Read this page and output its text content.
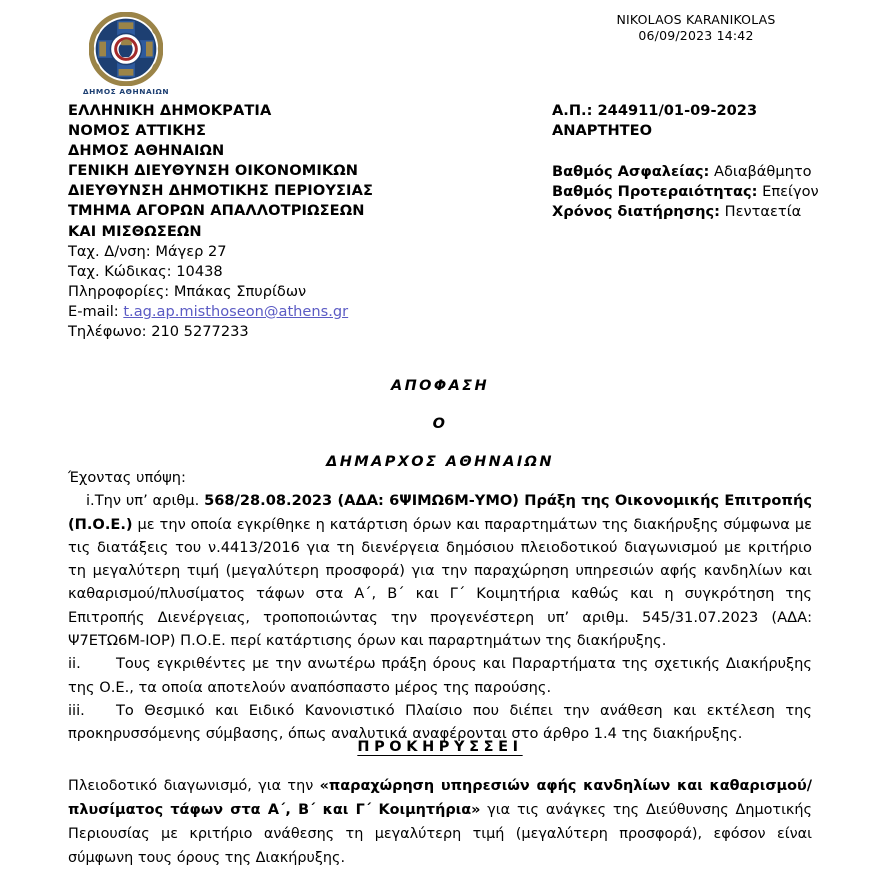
NIKOLAOS KARANIKOLAS
06/09/2023 14:42
ΔΗΜΟΣ ΑΘΗΝΑΙΩΝ
ΕΛΛΗΝΙΚΗ ΔΗΜΟΚΡΑΤΙΑ
ΝΟΜΟΣ ΑΤΤΙΚΗΣ
ΔΗΜΟΣ ΑΘΗΝΑΙΩΝ
ΓΕΝΙΚΗ ΔΙΕΥΘΥΝΣΗ ΟΙΚΟΝΟΜΙΚΩΝ
ΔΙΕΥΘΥΝΣΗ ΔΗΜΟΤΙΚΗΣ ΠΕΡΙΟΥΣΙΑΣ
ΤΜΗΜΑ ΑΓΟΡΩΝ ΑΠΑΛΛΟΤΡΙΩΣΕΩΝ
ΚΑΙ ΜΙΣΘΩΣΕΩΝ
Ταχ. Δ/νση: Μάγερ 27
Ταχ. Κώδικας: 10438
Πληροφορίες: Μπάκας Σπυρίδων
E-mail: t.ag.ap.misthoseon@athens.gr
Τηλέφωνο: 210 5277233
Α.Π.: 244911/01-09-2023
ΑΝΑΡΤΗΤΕΟ
Βαθμός Ασφαλείας: Αδιαβάθμητο
Βαθμός Προτεραιότητας: Επείγον
Χρόνος διατήρησης: Πενταετία
ΑΠΟΦΑΣΗ
Ο
ΔΗΜΑΡΧΟΣ ΑΘΗΝΑΙΩΝ

Έχοντας υπόψη:

i.Την υπ’ αριθμ. 568/28.08.2023 (ΑΔΑ: 6ΨΙΜΩ6Μ-ΥΜΟ) Πράξη της Οικονομικής Επιτροπής (Π.Ο.Ε.) με την οποία εγκρίθηκε η κατάρτιση όρων και παραρτημάτων της διακήρυξης σύμφωνα με τις διατάξεις του ν.4413/2016 για τη διενέργεια δημόσιου πλειοδοτικού διαγωνισμού με κριτήριο τη μεγαλύτερη τιμή (μεγαλύτερη προσφορά) για την παραχώρηση υπηρεσιών αφής κανδηλίων και καθαρισμού/πλυσίματος τάφων στα Α΄, Β΄ και Γ΄ Κοιμητήρια καθώς και η συγκρότηση της Επιτροπής Διενέργειας, τροποποιώντας την προγενέστερη υπ’ αριθμ. 545/31.07.2023 (ΑΔΑ: Ψ7ΕΤΩ6Μ-ΙΟΡ) Π.Ο.Ε. περί κατάρτισης όρων και παραρτημάτων της διακήρυξης.

ii. Τους εγκριθέντες με την ανωτέρω πράξη όρους και Παραρτήματα της σχετικής Διακήρυξης της Ο.Ε., τα οποία αποτελούν αναπόσπαστο μέρος της παρούσης.

iii. Το Θεσμικό και Ειδικό Κανονιστικό Πλαίσιο που διέπει την ανάθεση και εκτέλεση της προκηρυσσόμενης σύμβασης, όπως αναλυτικά αναφέρονται στο άρθρο 1.4 της διακήρυξης.

ΠΡΟΚΗΡΥΣΣΕΙ

Πλειοδοτικό διαγωνισμό, για την «παραχώρηση υπηρεσιών αφής κανδηλίων και καθαρισμού/πλυσίματος τάφων στα Α΄, Β΄ και Γ΄ Κοιμητήρια» για τις ανάγκες της Διεύθυνσης Δημοτικής Περιουσίας με κριτήριο ανάθεσης τη μεγαλύτερη τιμή (μεγαλύτερη προσφορά), εφόσον είναι σύμφωνη τους όρους της Διακήρυξης.
